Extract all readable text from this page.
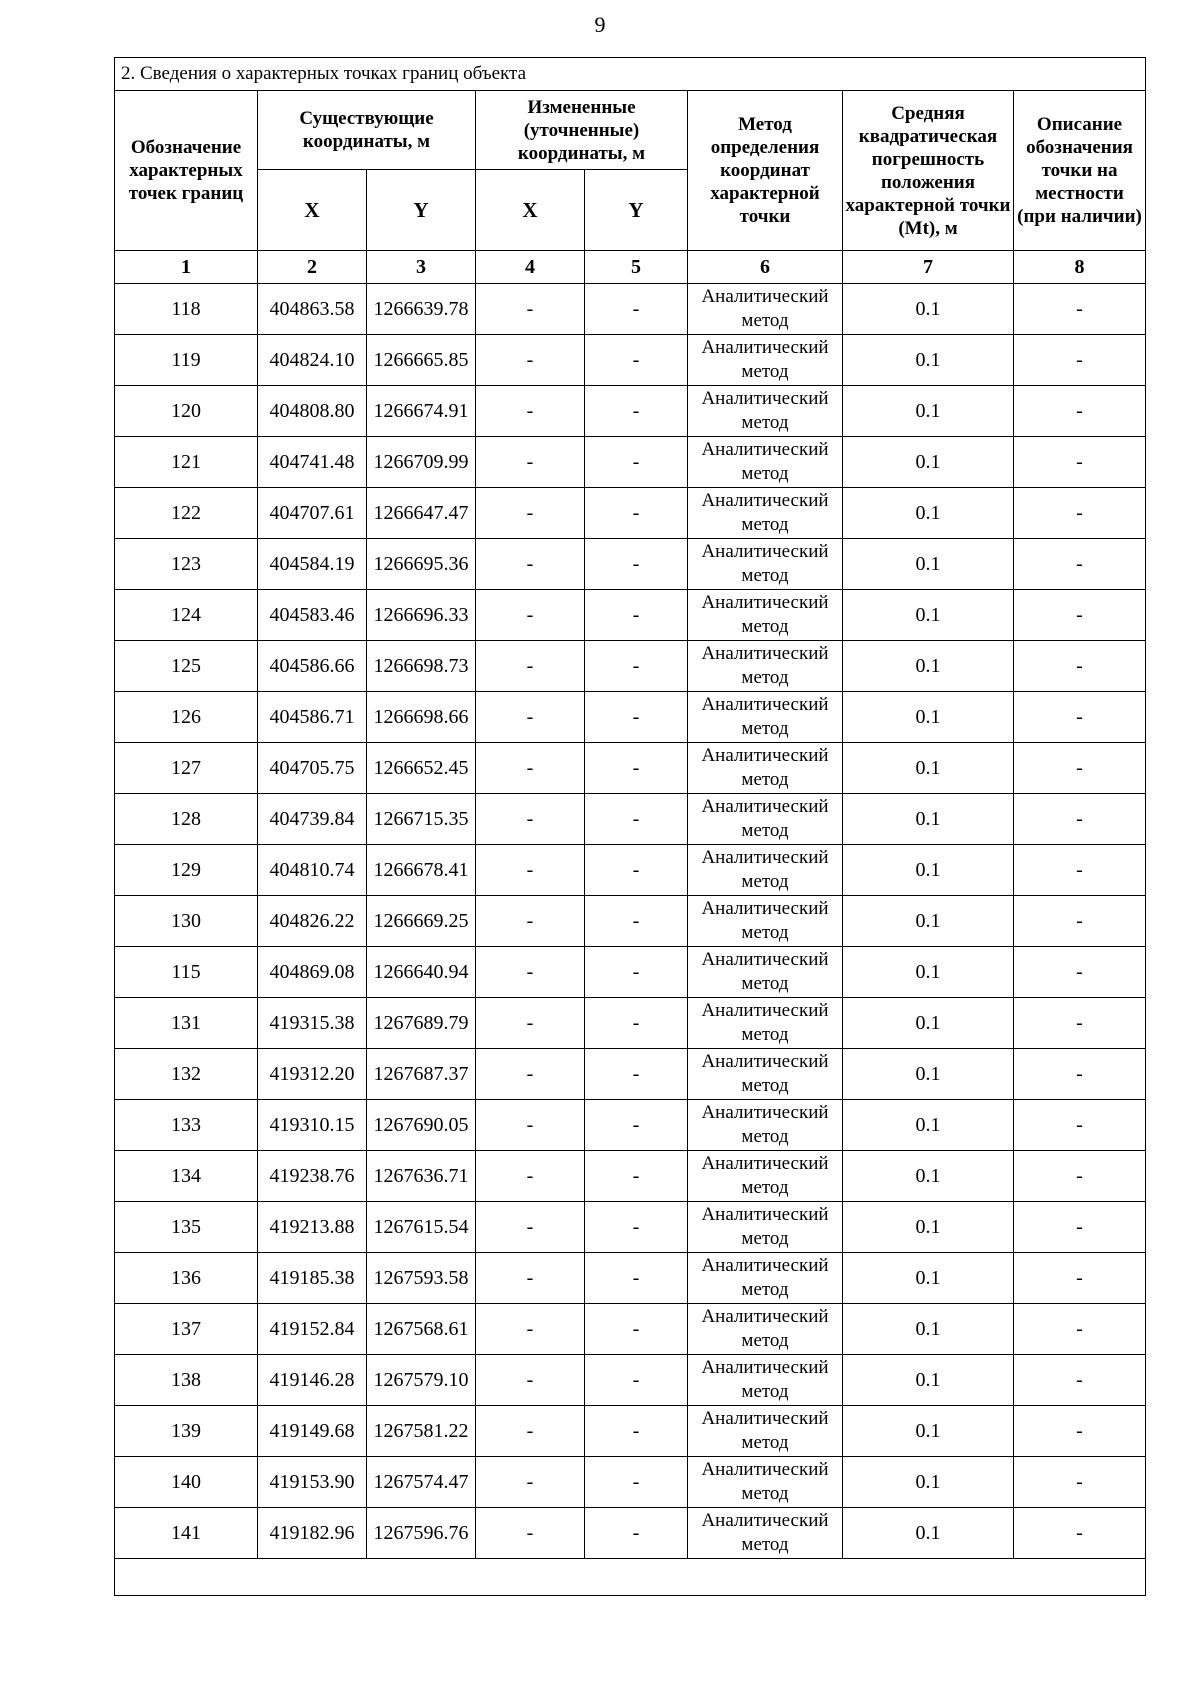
9
2. Сведения о характерных точках границ объекта							
Обозначение характерных точек границ	Существующие координаты, м		Измененные (уточненные) координаты, м		Метод определения координат характерной точки	Средняя квадратическая погрешность положения характерной точки (Mt), м	Описание обозначения точки на местности (при наличии)
	X	Y	X	Y			
1	2	3	4	5	6	7	8
118	404863.58	1266639.78	-	-	Аналитический метод	0.1	-
119	404824.10	1266665.85	-	-	Аналитический метод	0.1	-
120	404808.80	1266674.91	-	-	Аналитический метод	0.1	-
121	404741.48	1266709.99	-	-	Аналитический метод	0.1	-
122	404707.61	1266647.47	-	-	Аналитический метод	0.1	-
123	404584.19	1266695.36	-	-	Аналитический метод	0.1	-
124	404583.46	1266696.33	-	-	Аналитический метод	0.1	-
125	404586.66	1266698.73	-	-	Аналитический метод	0.1	-
126	404586.71	1266698.66	-	-	Аналитический метод	0.1	-
127	404705.75	1266652.45	-	-	Аналитический метод	0.1	-
128	404739.84	1266715.35	-	-	Аналитический метод	0.1	-
129	404810.74	1266678.41	-	-	Аналитический метод	0.1	-
130	404826.22	1266669.25	-	-	Аналитический метод	0.1	-
115	404869.08	1266640.94	-	-	Аналитический метод	0.1	-
131	419315.38	1267689.79	-	-	Аналитический метод	0.1	-
132	419312.20	1267687.37	-	-	Аналитический метод	0.1	-
133	419310.15	1267690.05	-	-	Аналитический метод	0.1	-
134	419238.76	1267636.71	-	-	Аналитический метод	0.1	-
135	419213.88	1267615.54	-	-	Аналитический метод	0.1	-
136	419185.38	1267593.58	-	-	Аналитический метод	0.1	-
137	419152.84	1267568.61	-	-	Аналитический метод	0.1	-
138	419146.28	1267579.10	-	-	Аналитический метод	0.1	-
139	419149.68	1267581.22	-	-	Аналитический метод	0.1	-
140	419153.90	1267574.47	-	-	Аналитический метод	0.1	-
141	419182.96	1267596.76	-	-	Аналитический метод	0.1	-
